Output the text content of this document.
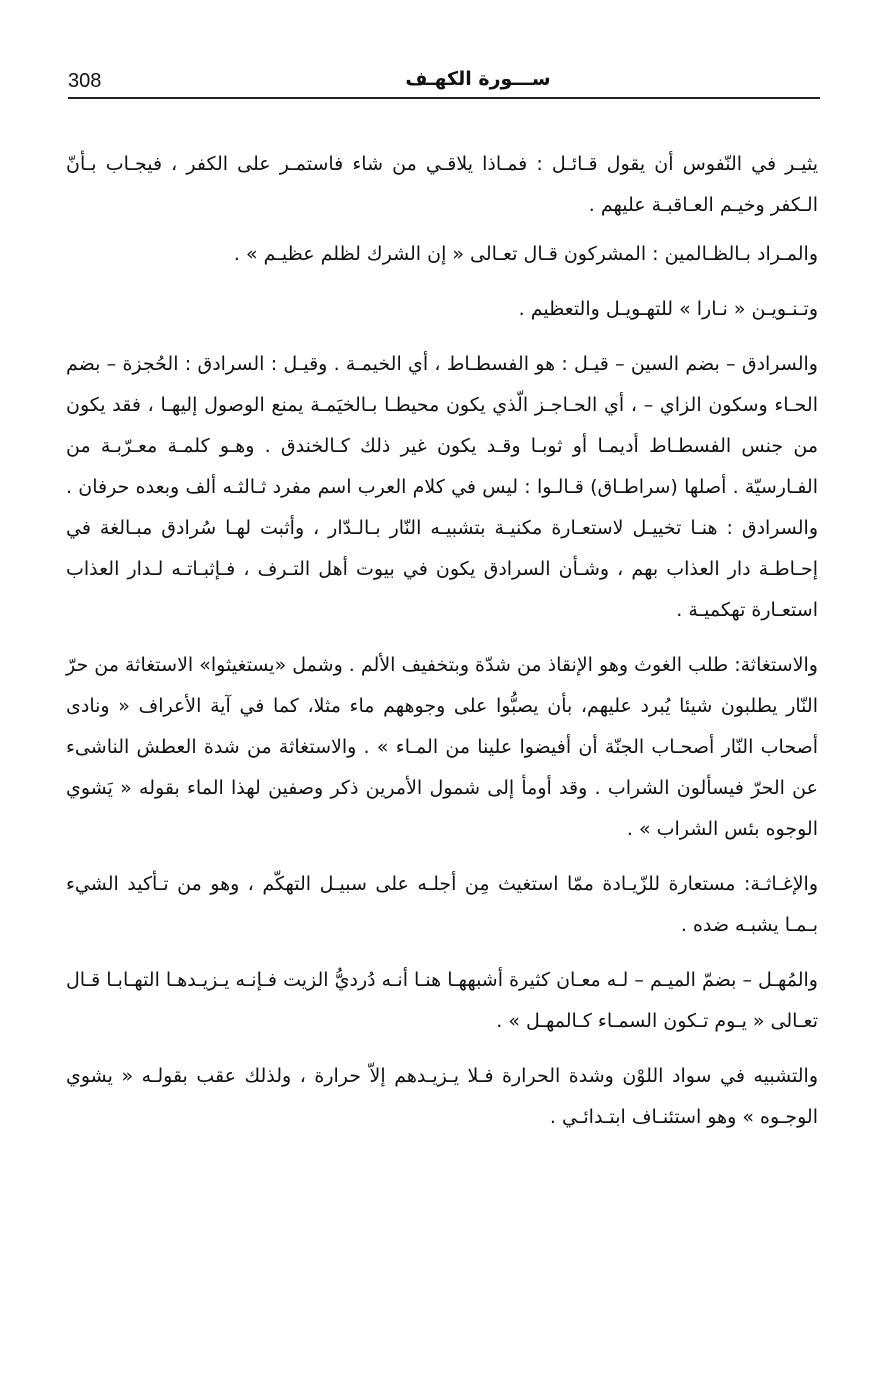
308	ســـورة الكهـف

يثيـر في النّفوس أن يقول قـائـل : فمـاذا يلاقـي من شاء فاستمـر على الكفر ، فيجـاب بـأنّ الـكفر وخيـم العـاقبـة عليهم .

والمـراد بـالظـالمين : المشركون قـال تعـالى « إن الشرك لظلم عظيـم » .

وتـنـويـن « نـارا » للتهـويـل والتعظيم .

والسرادق – بضم السين – قيـل : هو الفسطـاط ، أي الخيمـة . وقيـل : السرادق : الحُجزة – بضم الحـاء وسكون الزاي – ، أي الحـاجـز الّذي يكون محيطـا بـالخيَمـة يمنع الوصول إليهـا ، فقد يكون من جنس الفسطـاط أديمـا أو ثوبـا وقـد يكون غير ذلك كـالخندق . وهـو كلمـة معـرّبـة من الفـارسيّة . أصلها (سراطـاق) قـالـوا : ليس في كلام العرب اسم مفرد ثـالثـه ألف وبعده حرفان . والسرادق : هنـا تخييـل لاستعـارة مكنيـة بتشبيـه النّار بـالـدّار ، وأثبت لهـا سُرادق مبـالغة في إحـاطـة دار العذاب بهم ، وشـأن السرادق يكون في بيوت أهل التـرف ، فـإثبـاتـه لـدار العذاب استعـارة تهكميـة .

والاستغاثة: طلب الغوث وهو الإنقاذ من شدّة وبتخفيف الألم . وشمل «يستغيثوا» الاستغاثة من حرّ النّار يطلبون شيئا يُبرد عليهم، بأن يصبُّوا على وجوههم ماء مثلا، كما في آية الأعراف « ونادى أصحاب النّار أصحـاب الجنّة أن أفيضوا علينا من المـاء » . والاستغاثة من شدة العطش الناشىء عن الحرّ فيسألون الشراب . وقد أومأ إلى شمول الأمرين ذكر وصفين لهذا الماء بقوله « يَشوي الوجوه بئس الشراب » .

والإغـاثـة: مستعارة للزّيـادة ممّا استغيث مِن أجلـه على سبيـل التهكّم ، وهو من تـأكيد الشيء بـمـا يشبـه ضده .

والمُهـل – بضمّ الميـم – لـه معـان كثيرة أشبههـا هنـا أنـه دُرديُّ الزيت فـإنـه يـزيـدهـا التهـابـا قـال تعـالى « يـوم تـكون السمـاء كـالمهـل » .

والتشبيه في سواد اللوْن وشدة الحرارة فـلا يـزيـدهم إلاّ حرارة ، ولذلك عقب بقولـه « يشوي الوجـوه » وهو استئنـاف ابتـدائـي .
